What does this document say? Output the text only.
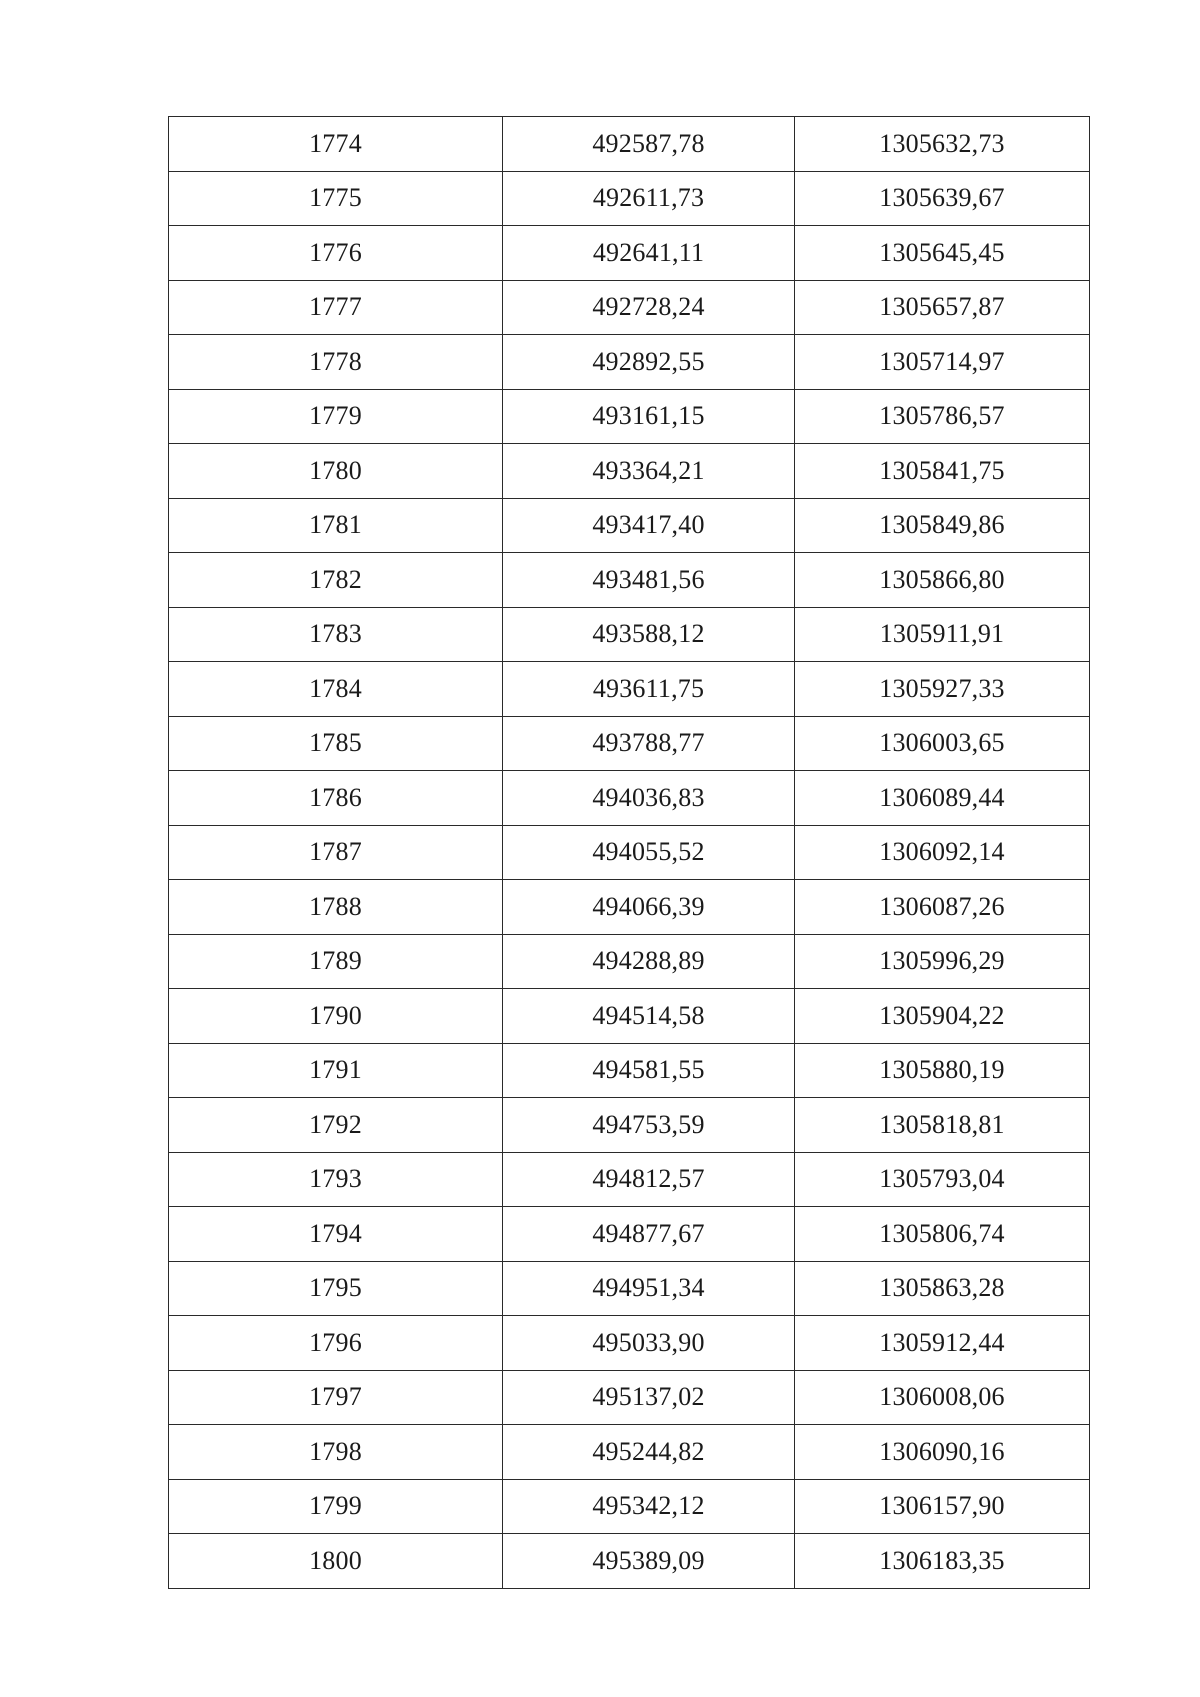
1774	492587,78	1305632,73
1775	492611,73	1305639,67
1776	492641,11	1305645,45
1777	492728,24	1305657,87
1778	492892,55	1305714,97
1779	493161,15	1305786,57
1780	493364,21	1305841,75
1781	493417,40	1305849,86
1782	493481,56	1305866,80
1783	493588,12	1305911,91
1784	493611,75	1305927,33
1785	493788,77	1306003,65
1786	494036,83	1306089,44
1787	494055,52	1306092,14
1788	494066,39	1306087,26
1789	494288,89	1305996,29
1790	494514,58	1305904,22
1791	494581,55	1305880,19
1792	494753,59	1305818,81
1793	494812,57	1305793,04
1794	494877,67	1305806,74
1795	494951,34	1305863,28
1796	495033,90	1305912,44
1797	495137,02	1306008,06
1798	495244,82	1306090,16
1799	495342,12	1306157,90
1800	495389,09	1306183,35
